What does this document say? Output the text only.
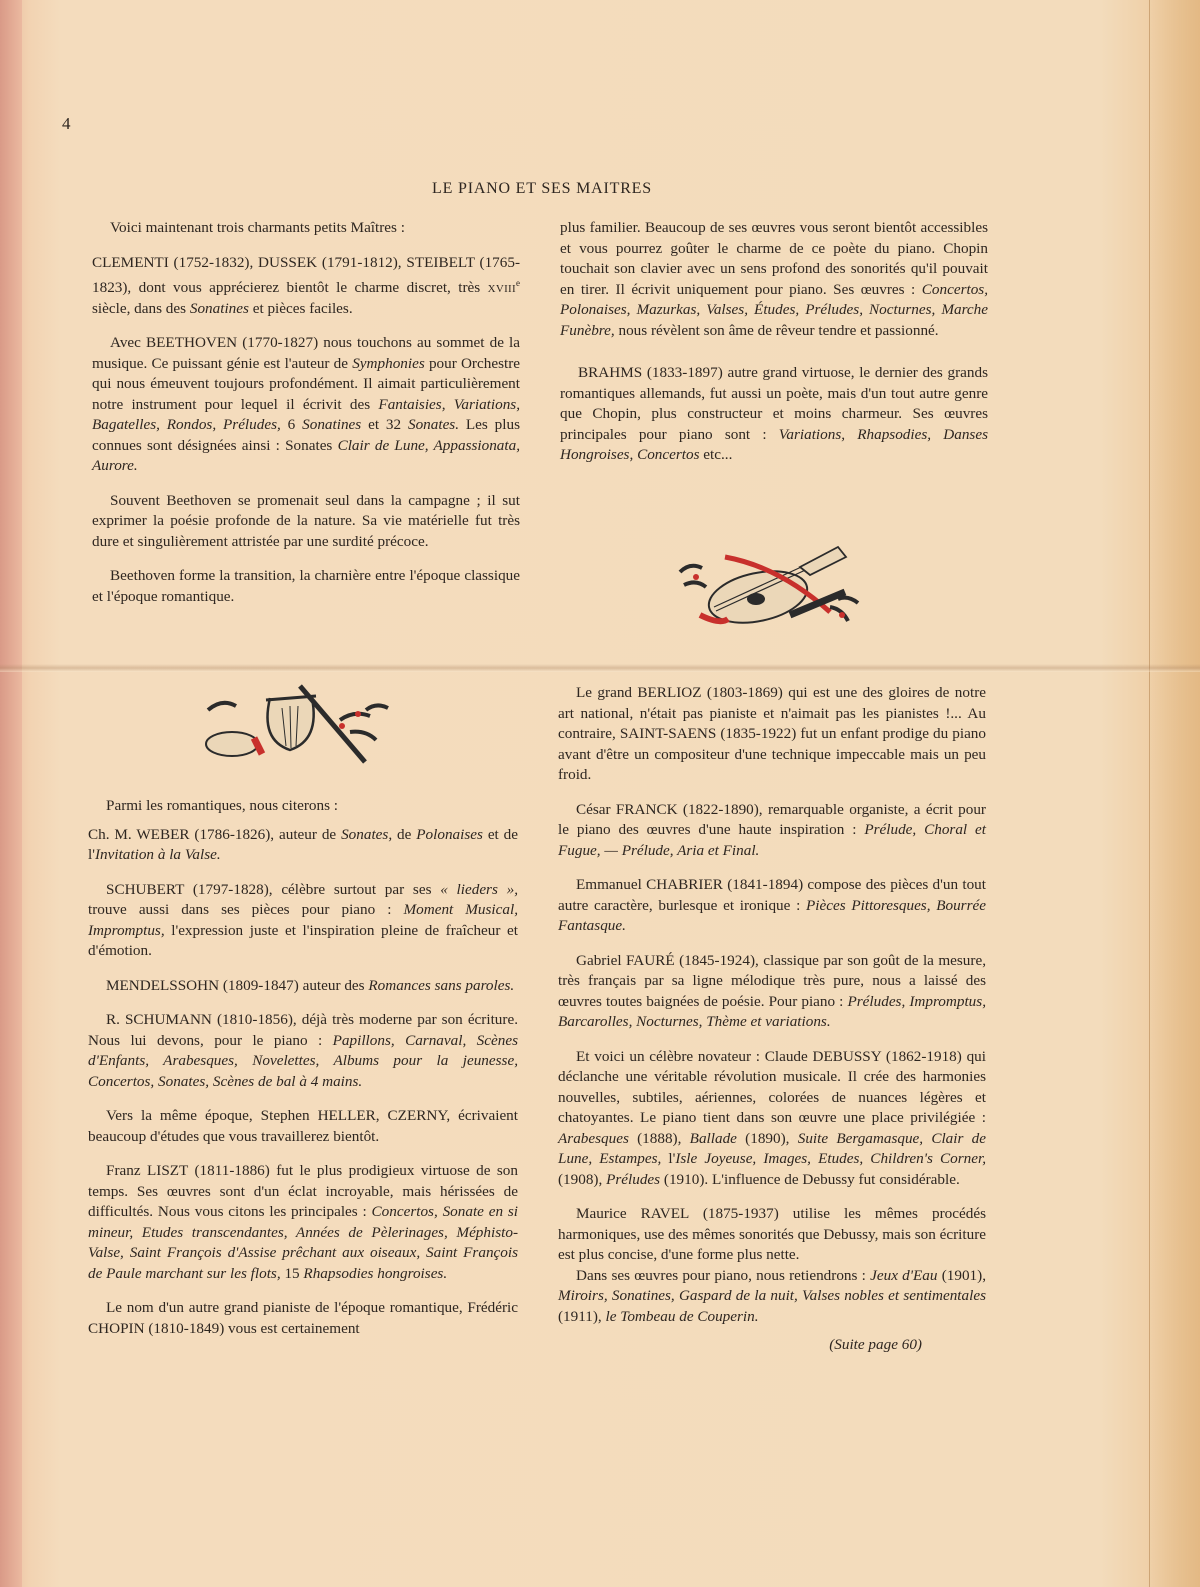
4
LE PIANO ET SES MAITRES

Voici maintenant trois charmants petits Maîtres :

CLEMENTI (1752-1832), DUSSEK (1791-1812), STEIBELT (1765-1823), dont vous apprécierez bientôt le charme discret, très xviii$^e$ siècle, dans des Sonatines et pièces faciles.

Avec BEETHOVEN (1770-1827) nous touchons au sommet de la musique. Ce puissant génie est l'auteur de Symphonies pour Orchestre qui nous émeuvent toujours profondément. Il aimait particulièrement notre instrument pour lequel il écrivit des Fantaisies, Variations, Bagatelles, Rondos, Préludes, 6 Sonatines et 32 Sonates. Les plus connues sont désignées ainsi : Sonates Clair de Lune, Appassionata, Aurore.

Souvent Beethoven se promenait seul dans la campagne ; il sut exprimer la poésie profonde de la nature. Sa vie matérielle fut très dure et singulièrement attristée par une surdité précoce.

Beethoven forme la transition, la charnière entre l'époque classique et l'époque romantique.

plus familier. Beaucoup de ses œuvres vous seront bientôt accessibles et vous pourrez goûter le charme de ce poète du piano. Chopin touchait son clavier avec un sens profond des sonorités qu'il pouvait en tirer. Il écrivit uniquement pour piano. Ses œuvres : Concertos, Polonaises, Mazurkas, Valses, Études, Préludes, Nocturnes, Marche Funèbre, nous révèlent son âme de rêveur tendre et passionné.

BRAHMS (1833-1897) autre grand virtuose, le dernier des grands romantiques allemands, fut aussi un poète, mais d'un tout autre genre que Chopin, plus constructeur et moins charmeur. Ses œuvres principales pour piano sont : Variations, Rhapsodies, Danses Hongroises, Concertos etc...

Parmi les romantiques, nous citerons :

Ch. M. WEBER (1786-1826), auteur de Sonates, de Polonaises et de l'Invitation à la Valse.

SCHUBERT (1797-1828), célèbre surtout par ses « lieders », trouve aussi dans ses pièces pour piano : Moment Musical, Impromptus, l'expression juste et l'inspiration pleine de fraîcheur et d'émotion.

MENDELSSOHN (1809-1847) auteur des Romances sans paroles.

R. SCHUMANN (1810-1856), déjà très moderne par son écriture. Nous lui devons, pour le piano : Papillons, Carnaval, Scènes d'Enfants, Arabesques, Novelettes, Albums pour la jeunesse, Concertos, Sonates, Scènes de bal à 4 mains.

Vers la même époque, Stephen HELLER, CZERNY, écrivaient beaucoup d'études que vous travaillerez bientôt.

Franz LISZT (1811-1886) fut le plus prodigieux virtuose de son temps. Ses œuvres sont d'un éclat incroyable, mais hérissées de difficultés. Nous vous citons les principales : Concertos, Sonate en si mineur, Etudes transcendantes, Années de Pèlerinages, Méphisto-Valse, Saint François d'Assise prêchant aux oiseaux, Saint François de Paule marchant sur les flots, 15 Rhapsodies hongroises.

Le nom d'un autre grand pianiste de l'époque romantique, Frédéric CHOPIN (1810-1849) vous est certainement

Le grand BERLIOZ (1803-1869) qui est une des gloires de notre art national, n'était pas pianiste et n'aimait pas les pianistes !... Au contraire, SAINT-SAENS (1835-1922) fut un enfant prodige du piano avant d'être un compositeur d'une technique impeccable mais un peu froid.

César FRANCK (1822-1890), remarquable organiste, a écrit pour le piano des œuvres d'une haute inspiration : Prélude, Choral et Fugue, — Prélude, Aria et Final.

Emmanuel CHABRIER (1841-1894) compose des pièces d'un tout autre caractère, burlesque et ironique : Pièces Pittoresques, Bourrée Fantasque.

Gabriel FAURÉ (1845-1924), classique par son goût de la mesure, très français par sa ligne mélodique très pure, nous a laissé des œuvres toutes baignées de poésie. Pour piano : Préludes, Impromptus, Barcarolles, Nocturnes, Thème et variations.

Et voici un célèbre novateur : Claude DEBUSSY (1862-1918) qui déclanche une véritable révolution musicale. Il crée des harmonies nouvelles, subtiles, aériennes, colorées de nuances légères et chatoyantes. Le piano tient dans son œuvre une place privilégiée : Arabesques (1888), Ballade (1890), Suite Bergamasque, Clair de Lune, Estampes, l'Isle Joyeuse, Images, Etudes, Children's Corner, (1908), Préludes (1910). L'influence de Debussy fut considérable.

Maurice RAVEL (1875-1937) utilise les mêmes procédés harmoniques, use des mêmes sonorités que Debussy, mais son écriture est plus concise, d'une forme plus nette.

Dans ses œuvres pour piano, nous retiendrons : Jeux d'Eau (1901), Miroirs, Sonatines, Gaspard de la nuit, Valses nobles et sentimentales (1911), le Tombeau de Couperin.

(Suite page 60)
